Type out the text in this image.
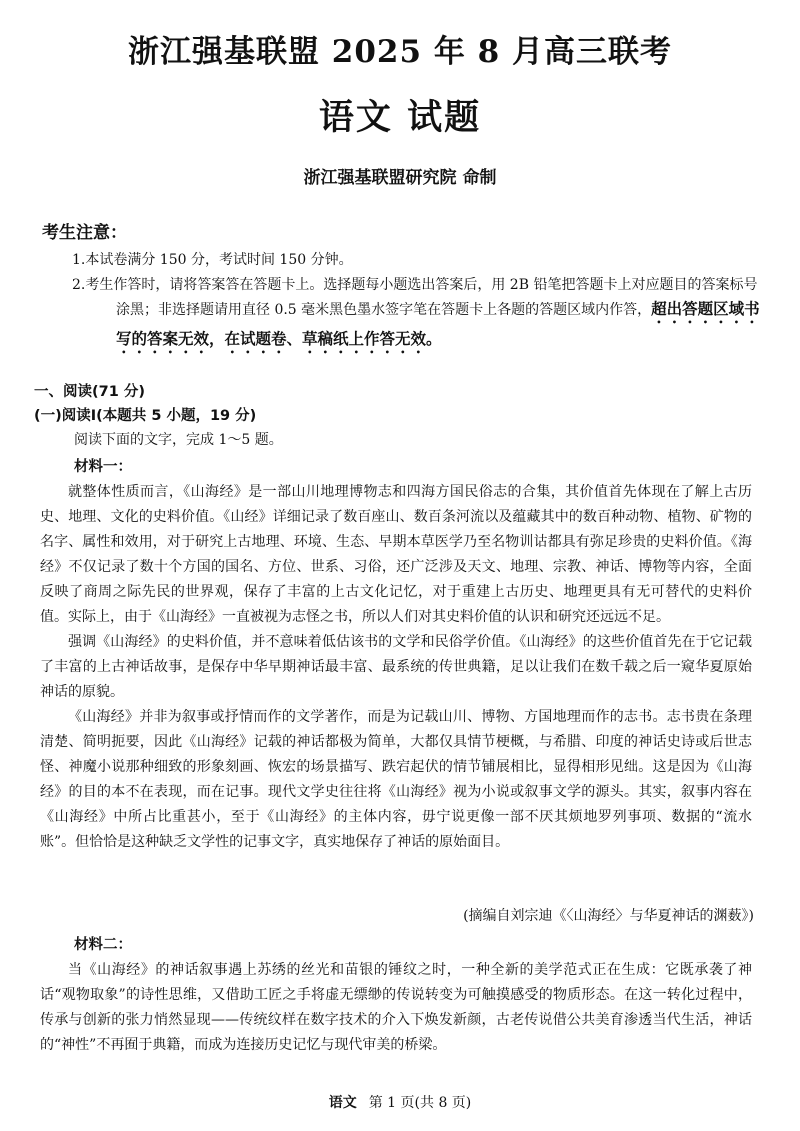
浙江强基联盟 2025 年 8 月高三联考
语文 试题
浙江强基联盟研究院 命制
考生注意：
1.本试卷满分 150 分，考试时间 150 分钟。
2.考生作答时，请将答案答在答题卡上。选择题每小题选出答案后，用 2B 铅笔把答题卡上对应题目的答案标号涂黑；非选择题请用直径 0.5 毫米黑色墨水签字笔在答题卡上各题的答题区域内作答，超出答题区域书写的答案无效，在试题卷、草稿纸上作答无效。
一、阅读(71 分)
(一)阅读Ⅰ(本题共 5 小题，19 分)
阅读下面的文字，完成 1～5 题。
材料一：

就整体性质而言，《山海经》是一部山川地理博物志和四海方国民俗志的合集，其价值首先体现在了解上古历史、地理、文化的史料价值。《山经》详细记录了数百座山、数百条河流以及蕴藏其中的数百种动物、植物、矿物的名字、属性和效用，对于研究上古地理、环境、生态、早期本草医学乃至名物训诂都具有弥足珍贵的史料价值。《海经》不仅记录了数十个方国的国名、方位、世系、习俗，还广泛涉及天文、地理、宗教、神话、博物等内容，全面反映了商周之际先民的世界观，保存了丰富的上古文化记忆，对于重建上古历史、地理更具有无可替代的史料价值。实际上，由于《山海经》一直被视为志怪之书，所以人们对其史料价值的认识和研究还远远不足。

强调《山海经》的史料价值，并不意味着低估该书的文学和民俗学价值。《山海经》的这些价值首先在于它记载了丰富的上古神话故事，是保存中华早期神话最丰富、最系统的传世典籍，足以让我们在数千载之后一窥华夏原始神话的原貌。

《山海经》并非为叙事或抒情而作的文学著作，而是为记载山川、博物、方国地理而作的志书。志书贵在条理清楚、简明扼要，因此《山海经》记载的神话都极为简单，大都仅具情节梗概，与希腊、印度的神话史诗或后世志怪、神魔小说那种细致的形象刻画、恢宏的场景描写、跌宕起伏的情节铺展相比，显得相形见绌。这是因为《山海经》的目的本不在表现，而在记事。现代文学史往往将《山海经》视为小说或叙事文学的源头。其实，叙事内容在《山海经》中所占比重甚小，至于《山海经》的主体内容，毋宁说更像一部不厌其烦地罗列事项、数据的“流水账”。但恰恰是这种缺乏文学性的记事文字，真实地保存了神话的原始面目。

(摘编自刘宗迪《〈山海经〉与华夏神话的渊薮》)
材料二：

当《山海经》的神话叙事遇上苏绣的丝光和苗银的锤纹之时，一种全新的美学范式正在生成：它既承袭了神话“观物取象”的诗性思维，又借助工匠之手将虚无缥缈的传说转变为可触摸感受的物质形态。在这一转化过程中，传承与创新的张力悄然显现——传统纹样在数字技术的介入下焕发新颜，古老传说借公共美育渗透当代生活，神话的“神性”不再囿于典籍，而成为连接历史记忆与现代审美的桥梁。

语文 第 1 页(共 8 页)
